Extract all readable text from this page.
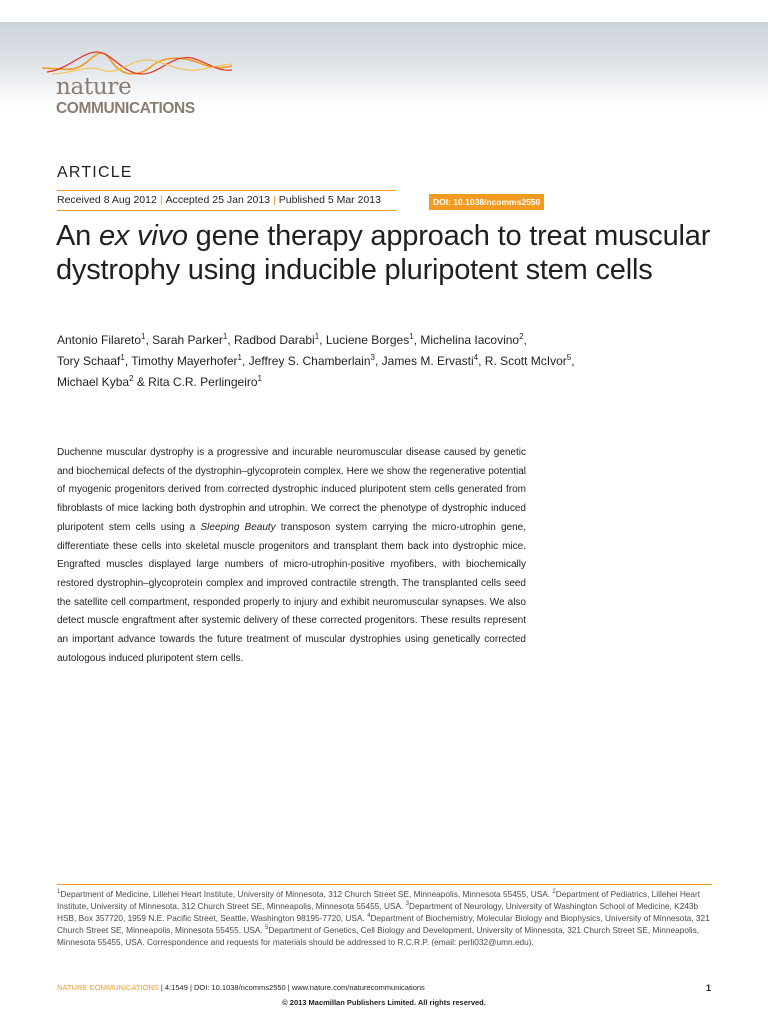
nature
COMMUNICATIONS
ARTICLE
Received 8 Aug 2012 | Accepted 25 Jan 2013 | Published 5 Mar 2013	DOI: 10.1038/ncomms2550
An ex vivo gene therapy approach to treat muscular dystrophy using inducible pluripotent stem cells
Antonio Filareto$^1$, Sarah Parker$^1$, Radbod Darabi$^1$, Luciene Borges$^1$, Michelina Iacovino$^2$,
Tory Schaaf$^1$, Timothy Mayerhofer$^1$, Jeffrey S. Chamberlain$^3$, James M. Ervasti$^4$, R. Scott McIvor$^5$,
Michael Kyba$^2$ & Rita C.R. Perlingeiro$^1$

Duchenne muscular dystrophy is a progressive and incurable neuromuscular disease caused by genetic and biochemical defects of the dystrophin–glycoprotein complex. Here we show the regenerative potential of myogenic progenitors derived from corrected dystrophic induced pluripotent stem cells generated from fibroblasts of mice lacking both dystrophin and utrophin. We correct the phenotype of dystrophic induced pluripotent stem cells using a Sleeping Beauty transposon system carrying the micro-utrophin gene, differentiate these cells into skeletal muscle progenitors and transplant them back into dystrophic mice. Engrafted muscles displayed large numbers of micro-utrophin-positive myofibers, with biochemically restored dystrophin–glycoprotein complex and improved contractile strength. The transplanted cells seed the satellite cell compartment, responded properly to injury and exhibit neuromuscular synapses. We also detect muscle engraftment after systemic delivery of these corrected progenitors. These results represent an important advance towards the future treatment of muscular dystrophies using genetically corrected autologous induced pluripotent stem cells.

$^1$Department of Medicine, Lillehei Heart Institute, University of Minnesota, 312 Church Street SE, Minneapolis, Minnesota 55455, USA. $^2$Department of Pediatrics, Lillehei Heart Institute, University of Minnesota, 312 Church Street SE, Minneapolis, Minnesota 55455, USA. $^3$Department of Neurology, University of Washington School of Medicine, K243b HSB, Box 357720, 1959 N.E. Pacific Street, Seattle, Washington 98195-7720, USA. $^4$Department of Biochemistry, Molecular Biology and Biophysics, University of Minnesota, 321 Church Street SE, Minneapolis, Minnesota 55455, USA. $^5$Department of Genetics, Cell Biology and Development, University of Minnesota, 321 Church Street SE, Minneapolis, Minnesota 55455, USA. Correspondence and requests for materials should be addressed to R.C.R.P. (email: perli032@umn.edu).

NATURE COMMUNICATIONS | 4:1549 | DOI: 10.1038/ncomms2550 | www.nature.com/naturecommunications	1
© 2013 Macmillan Publishers Limited. All rights reserved.
